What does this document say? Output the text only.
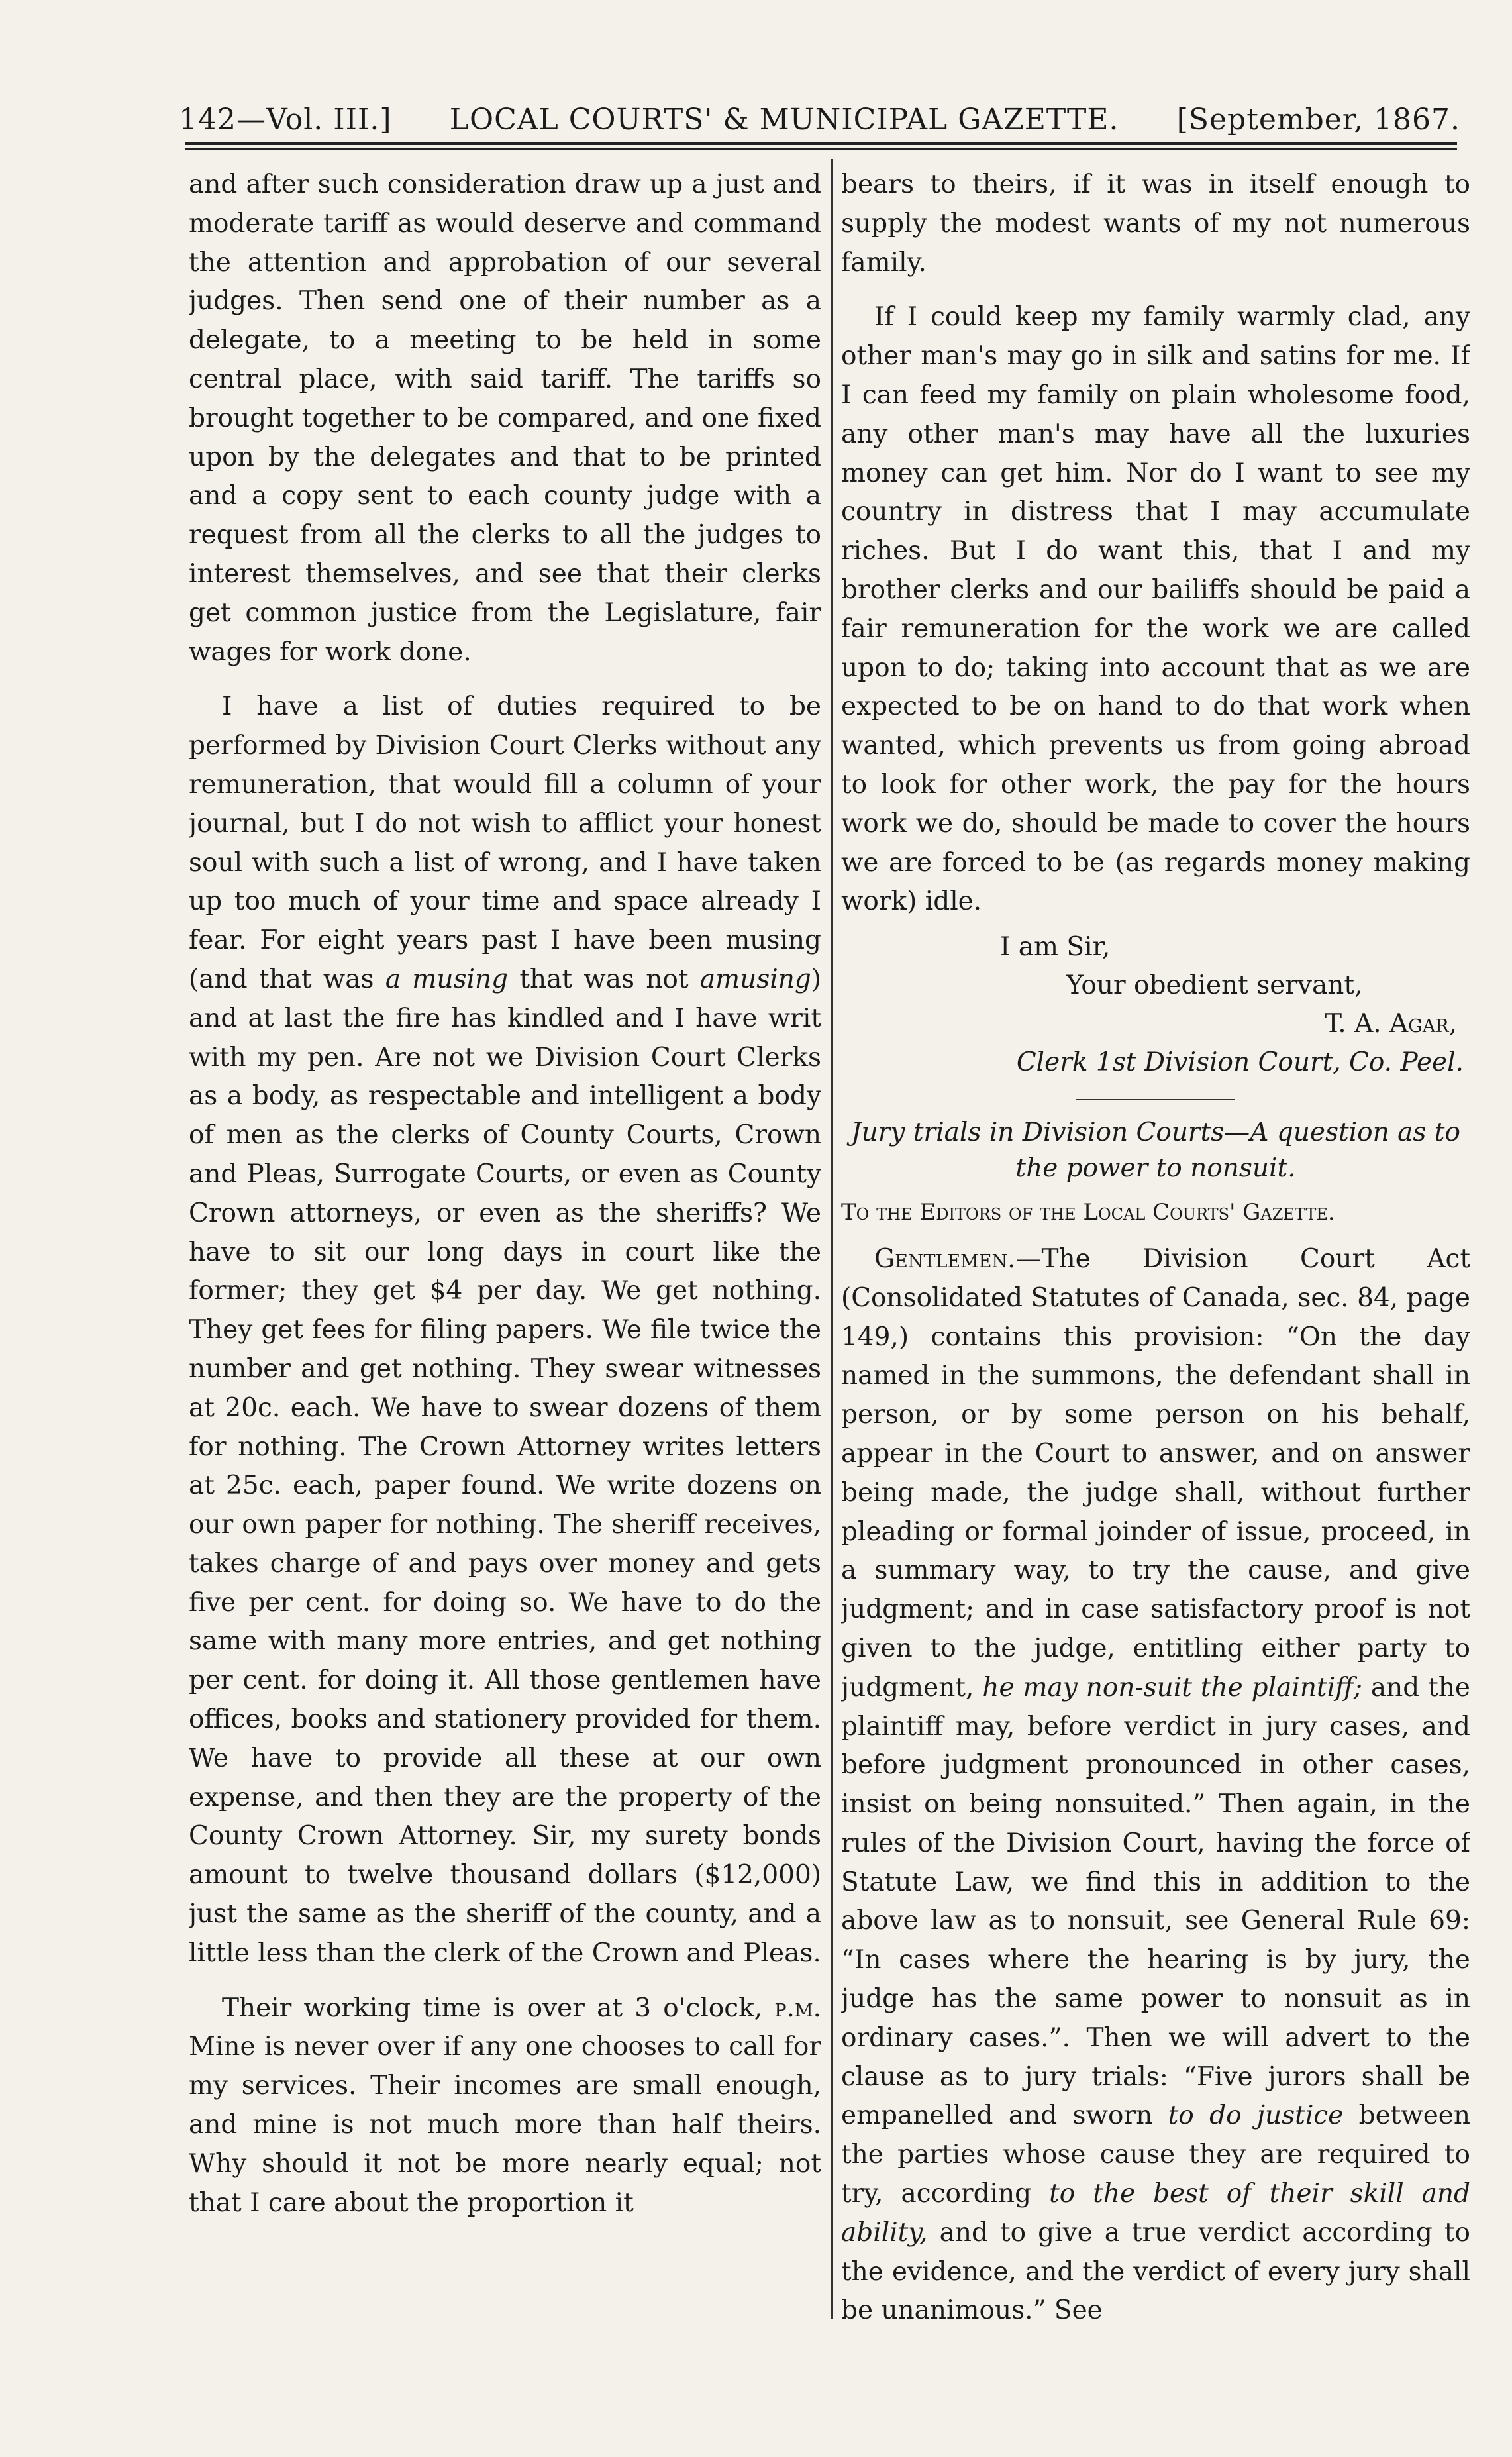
142—Vol. III.] LOCAL COURTS' & MUNICIPAL GAZETTE. [September, 1867.

and after such consideration draw up a just and moderate tariff as would deserve and command the attention and approbation of our several judges. Then send one of their number as a delegate, to a meeting to be held in some central place, with said tariff. The tariffs so brought together to be compared, and one fixed upon by the delegates and that to be printed and a copy sent to each county judge with a request from all the clerks to all the judges to interest themselves, and see that their clerks get common justice from the Legislature, fair wages for work done.

I have a list of duties required to be performed by Division Court Clerks without any remuneration, that would fill a column of your journal, but I do not wish to afflict your honest soul with such a list of wrong, and I have taken up too much of your time and space already I fear. For eight years past I have been musing (and that was a musing that was not amusing) and at last the fire has kindled and I have writ with my pen. Are not we Division Court Clerks as a body, as respectable and intelligent a body of men as the clerks of County Courts, Crown and Pleas, Surrogate Courts, or even as County Crown attorneys, or even as the sheriffs? We have to sit our long days in court like the former; they get $4 per day. We get nothing. They get fees for filing papers. We file twice the number and get nothing. They swear witnesses at 20c. each. We have to swear dozens of them for nothing. The Crown Attorney writes letters at 25c. each, paper found. We write dozens on our own paper for nothing. The sheriff receives, takes charge of and pays over money and gets five per cent. for doing so. We have to do the same with many more entries, and get nothing per cent. for doing it. All those gentlemen have offices, books and stationery provided for them. We have to provide all these at our own expense, and then they are the property of the County Crown Attorney. Sir, my surety bonds amount to twelve thousand dollars ($12,000) just the same as the sheriff of the county, and a little less than the clerk of the Crown and Pleas.

Their working time is over at 3 o'clock, p.m. Mine is never over if any one chooses to call for my services. Their incomes are small enough, and mine is not much more than half theirs. Why should it not be more nearly equal; not that I care about the proportion it

bears to theirs, if it was in itself enough to supply the modest wants of my not numerous family.

If I could keep my family warmly clad, any other man's may go in silk and satins for me. If I can feed my family on plain wholesome food, any other man's may have all the luxuries money can get him. Nor do I want to see my country in distress that I may accumulate riches. But I do want this, that I and my brother clerks and our bailiffs should be paid a fair remuneration for the work we are called upon to do; taking into account that as we are expected to be on hand to do that work when wanted, which prevents us from going abroad to look for other work, the pay for the hours work we do, should be made to cover the hours we are forced to be (as regards money making work) idle.

I am Sir,
Your obedient servant,
T. A. Agar,
Clerk 1st Division Court, Co. Peel.
Jury trials in Division Courts—A question as to the power to nonsuit.
To the Editors of the Local Courts' Gazette.

Gentlemen.—The Division Court Act (Consolidated Statutes of Canada, sec. 84, page 149,) contains this provision: “On the day named in the summons, the defendant shall in person, or by some person on his behalf, appear in the Court to answer, and on answer being made, the judge shall, without further pleading or formal joinder of issue, proceed, in a summary way, to try the cause, and give judgment; and in case satisfactory proof is not given to the judge, entitling either party to judgment, he may non-suit the plaintiff; and the plaintiff may, before verdict in jury cases, and before judgment pronounced in other cases, insist on being nonsuited.” Then again, in the rules of the Division Court, having the force of Statute Law, we find this in addition to the above law as to nonsuit, see General Rule 69: “In cases where the hearing is by jury, the judge has the same power to nonsuit as in ordinary cases.”. Then we will advert to the clause as to jury trials: “Five jurors shall be empanelled and sworn to do justice between the parties whose cause they are required to try, according to the best of their skill and ability, and to give a true verdict according to the evidence, and the verdict of every jury shall be unanimous.” See
